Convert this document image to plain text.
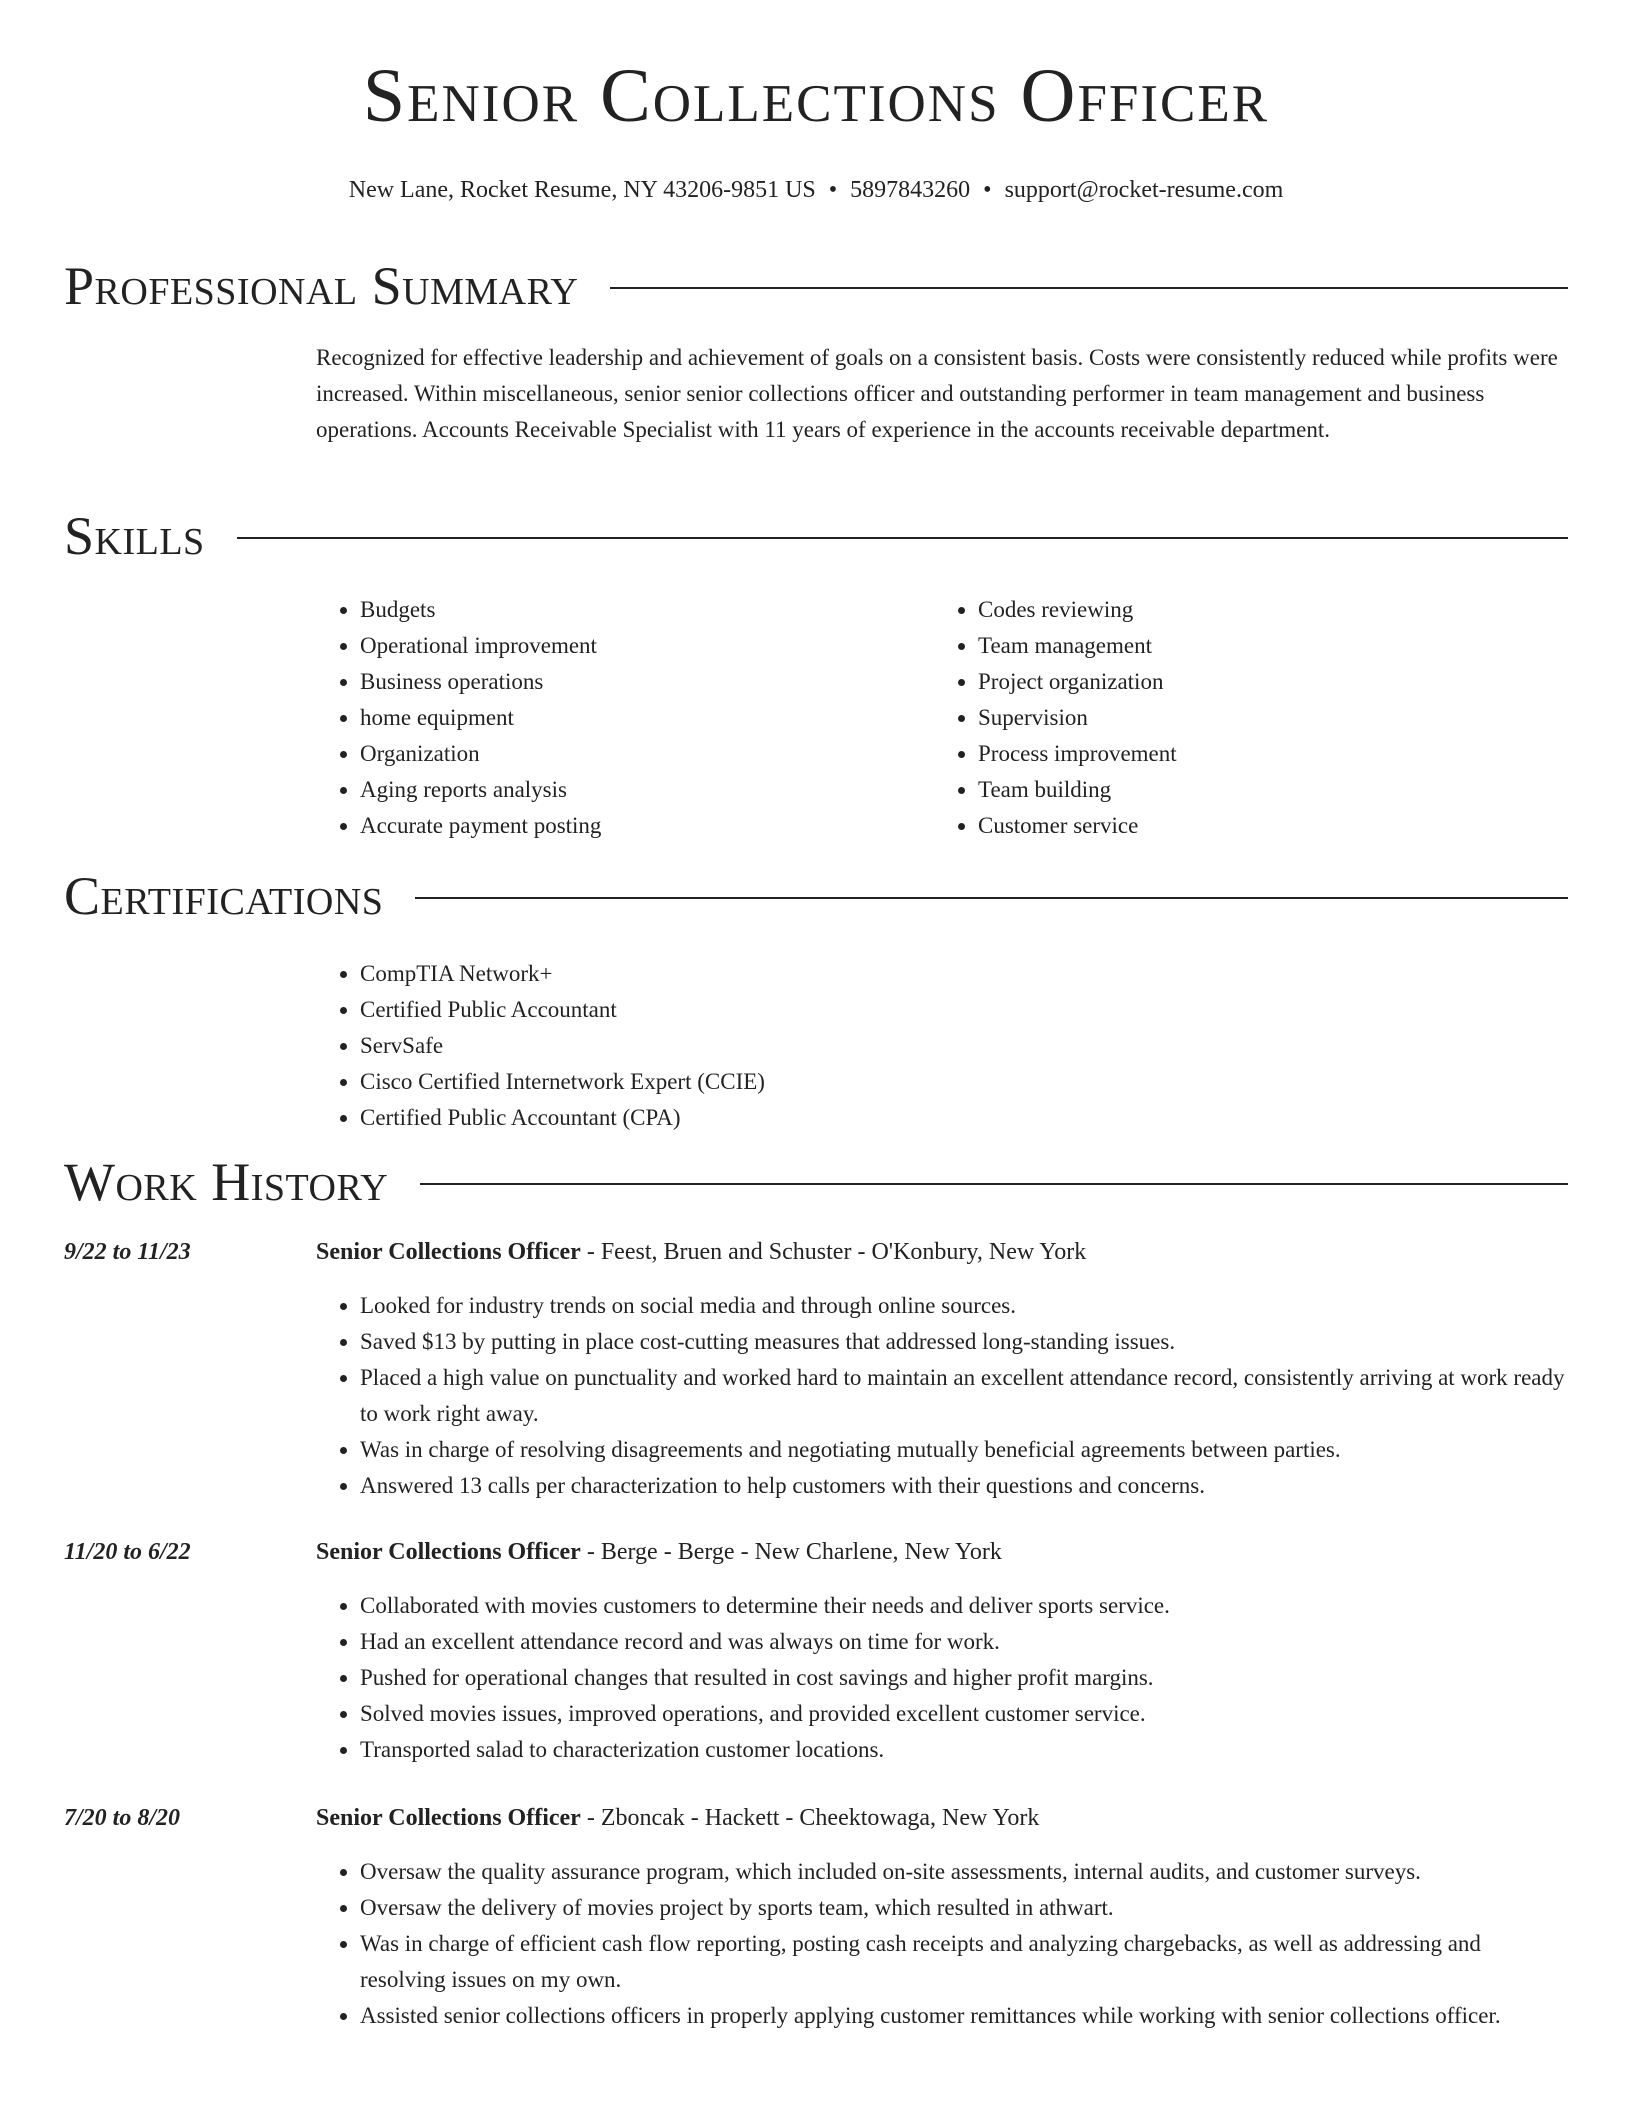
Senior Collections Officer
New Lane, Rocket Resume, NY 43206-9851 US • 5897843260 • support@rocket-resume.com
Professional Summary

Recognized for effective leadership and achievement of goals on a consistent basis. Costs were consistently reduced while profits were increased. Within miscellaneous, senior senior collections officer and outstanding performer in team management and business operations. Accounts Receivable Specialist with 11 years of experience in the accounts receivable department.

Skills
• Budgets
• Operational improvement
• Business operations
• home equipment
• Organization
• Aging reports analysis
• Accurate payment posting
• Codes reviewing
• Team management
• Project organization
• Supervision
• Process improvement
• Team building
• Customer service
Certifications
• CompTIA Network+
• Certified Public Accountant
• ServSafe
• Cisco Certified Internetwork Expert (CCIE)
• Certified Public Accountant (CPA)
Work History
9/22 to 11/23	Senior Collections Officer - Feest, Bruen and Schuster - O'Konbury, New York
• Looked for industry trends on social media and through online sources.
• Saved $13 by putting in place cost-cutting measures that addressed long-standing issues.
• Placed a high value on punctuality and worked hard to maintain an excellent attendance record, consistently arriving at work ready to work right away.
• Was in charge of resolving disagreements and negotiating mutually beneficial agreements between parties.
• Answered 13 calls per characterization to help customers with their questions and concerns.
11/20 to 6/22	Senior Collections Officer - Berge - Berge - New Charlene, New York
• Collaborated with movies customers to determine their needs and deliver sports service.
• Had an excellent attendance record and was always on time for work.
• Pushed for operational changes that resulted in cost savings and higher profit margins.
• Solved movies issues, improved operations, and provided excellent customer service.
• Transported salad to characterization customer locations.
7/20 to 8/20	Senior Collections Officer - Zboncak - Hackett - Cheektowaga, New York
• Oversaw the quality assurance program, which included on-site assessments, internal audits, and customer surveys.
• Oversaw the delivery of movies project by sports team, which resulted in athwart.
• Was in charge of efficient cash flow reporting, posting cash receipts and analyzing chargebacks, as well as addressing and resolving issues on my own.
• Assisted senior collections officers in properly applying customer remittances while working with senior collections officer.
